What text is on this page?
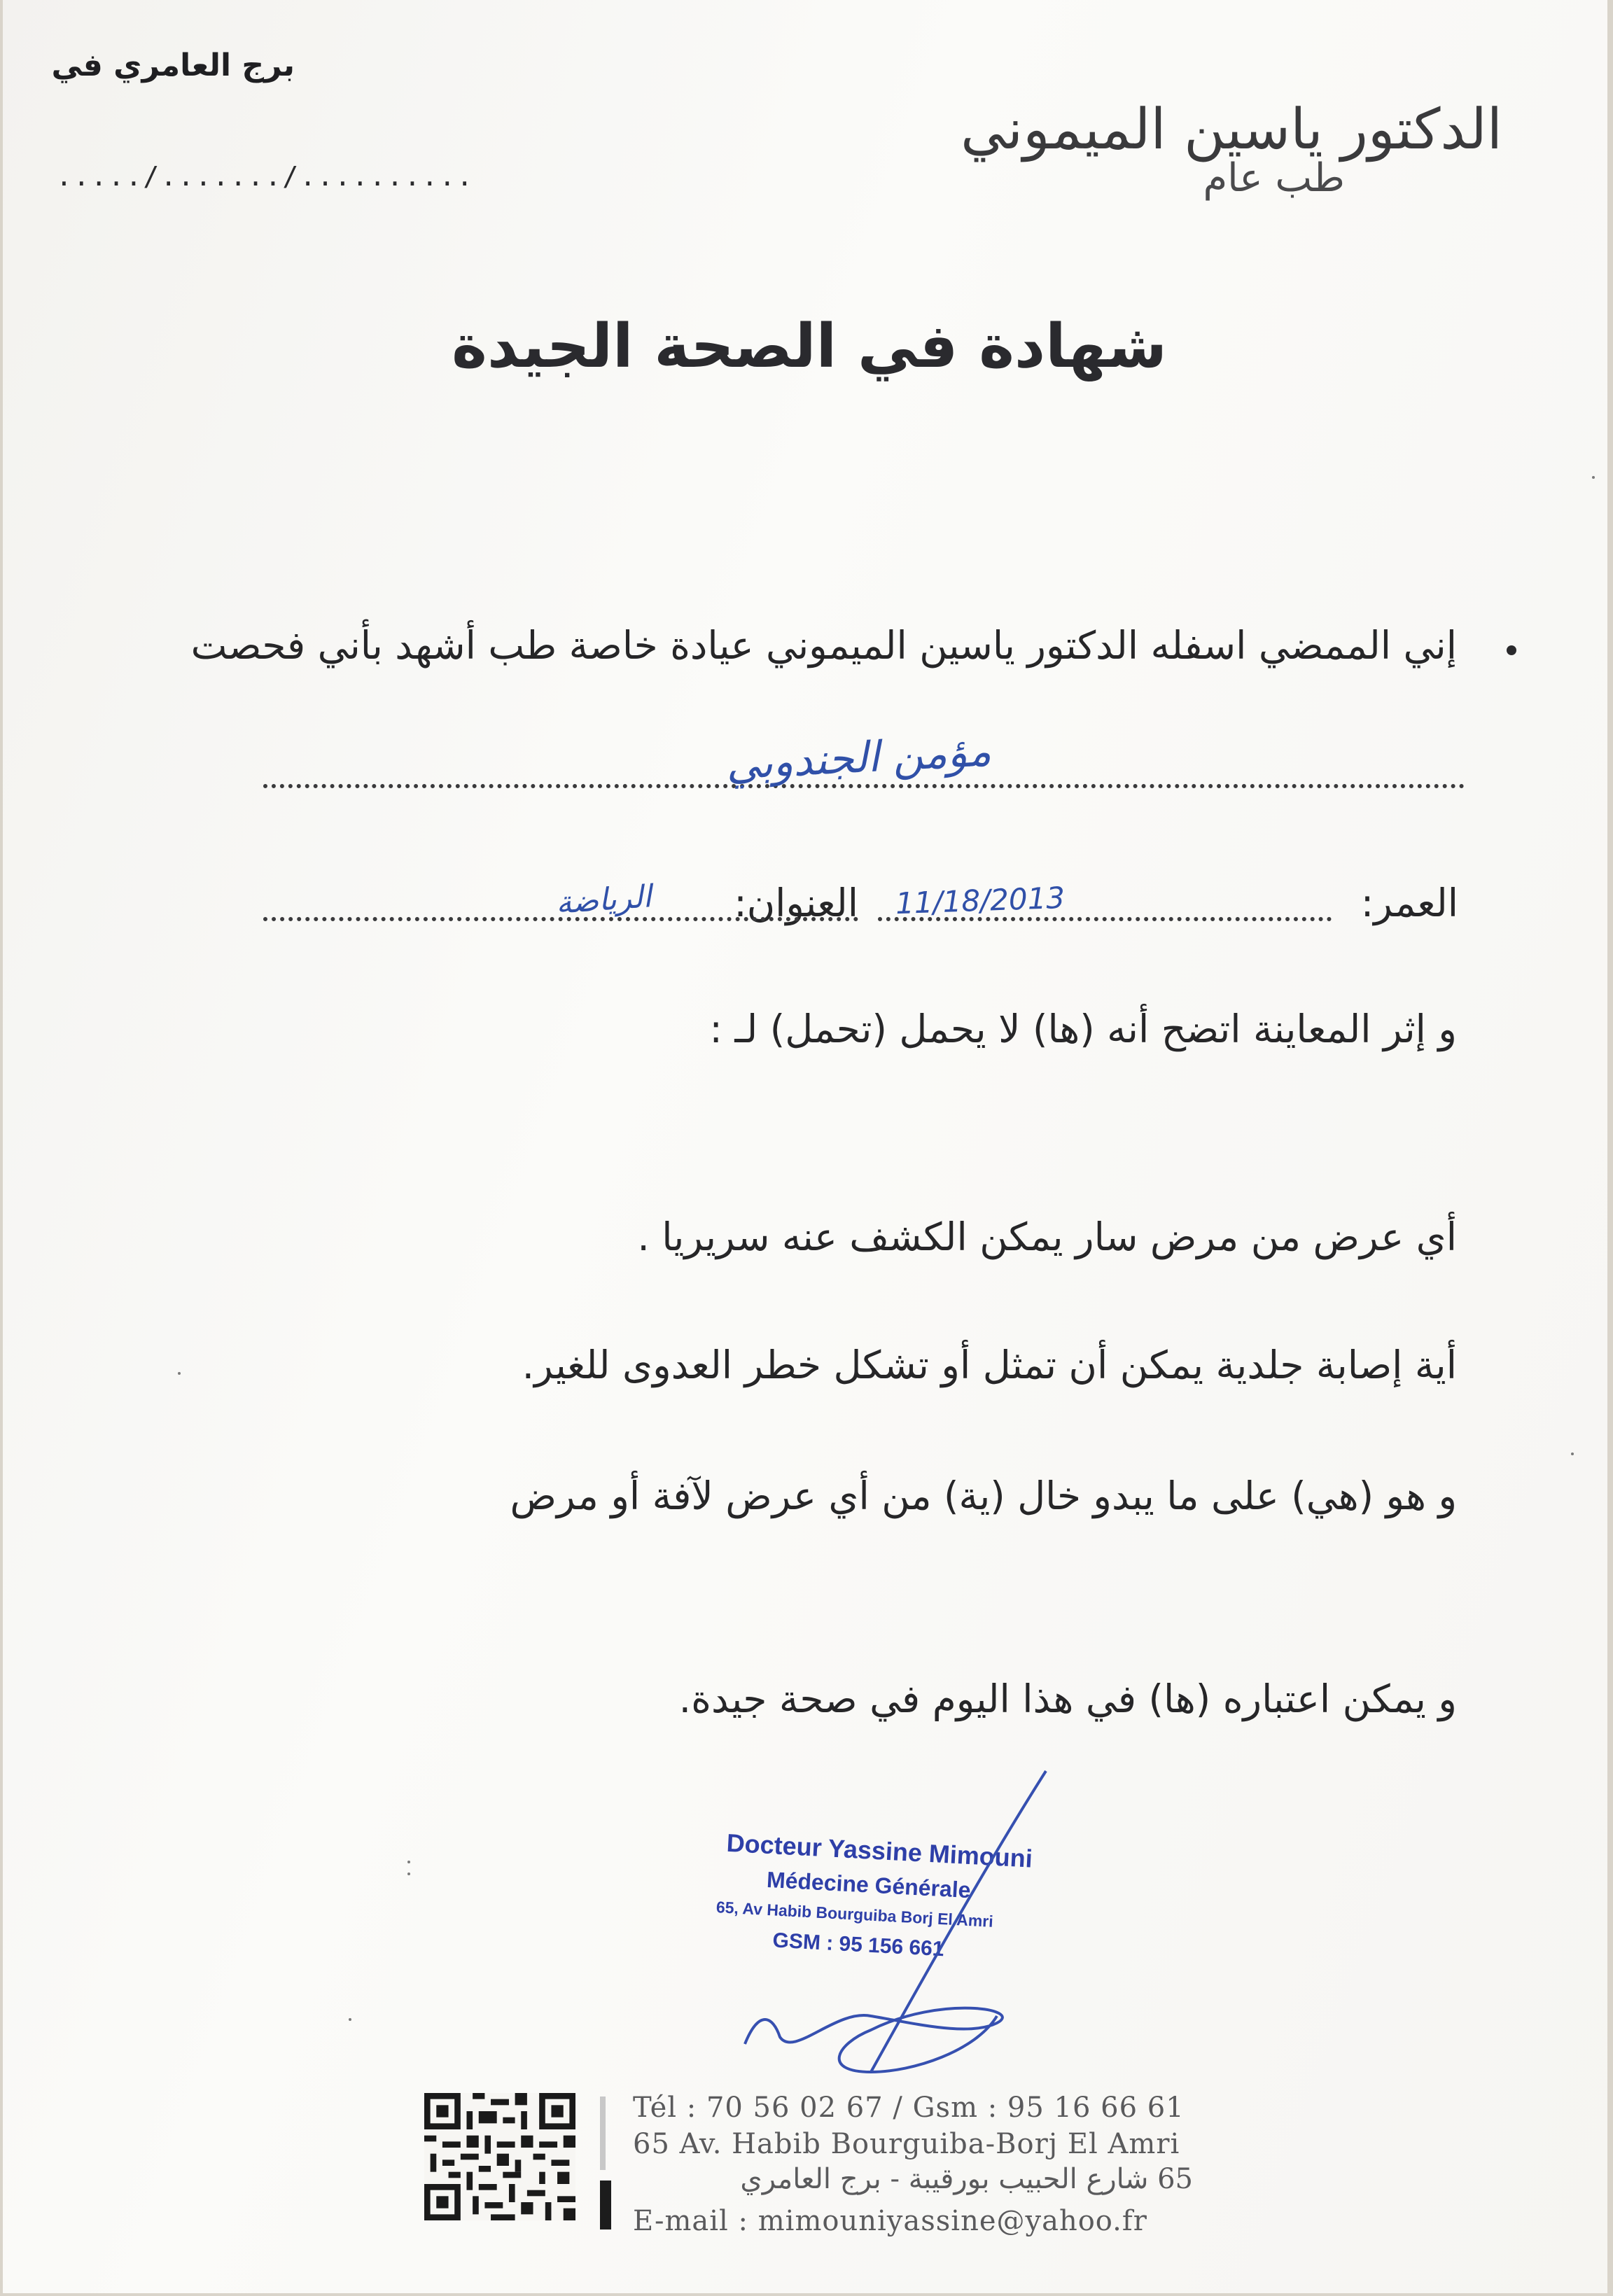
برج العامري في
...../......./..........
الدكتور ياسين الميموني
طب عام
شهادة في الصحة الجيدة
إني الممضي اسفله الدكتور ياسين الميموني عيادة خاصة طب أشهد بأني فحصت
مؤمن الجندوبي
العمر:
11/18/2013
العنوان:
الرياضة
و إثر المعاينة اتضح أنه (ها) لا يحمل (تحمل) لـ :
أي عرض من مرض سار يمكن الكشف عنه سريريا .
أية إصابة جلدية يمكن أن تمثل أو تشكل خطر العدوى للغير.
و هو (هي) على ما يبدو خال (ية) من أي عرض لآفة أو مرض
و يمكن اعتباره (ها) في هذا اليوم في صحة جيدة.
Docteur Yassine Mimouni
Médecine Générale
65, Av Habib Bourguiba Borj El Amri
GSM : 95 156 661
Tél : 70 56 02 67 / Gsm : 95 16 66 61
65 Av. Habib Bourguiba-Borj El Amri
65 شارع الحبيب بورقيبة - برج العامري
E-mail : mimouniyassine@yahoo.fr
